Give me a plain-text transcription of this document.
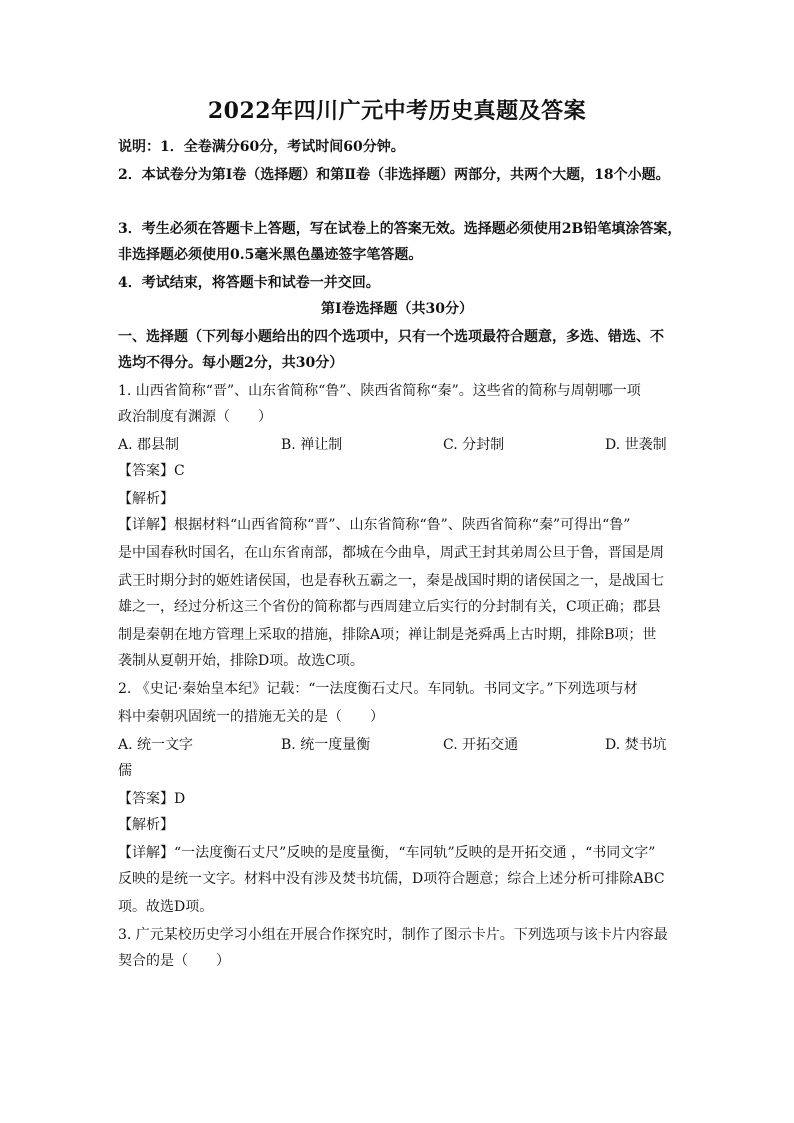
2022年四川广元中考历史真题及答案
说明：1．全卷满分60分，考试时间60分钟。
2．本试卷分为第Ⅰ卷（选择题）和第Ⅱ卷（非选择题）两部分，共两个大题，18个小题。
3．考生必须在答题卡上答题，写在试卷上的答案无效。选择题必须使用2B铅笔填涂答案，
非选择题必须使用0.5毫米黑色墨迹签字笔答题。
4．考试结束，将答题卡和试卷一并交回。
第Ⅰ卷选择题（共30分）
一、选择题（下列每小题给出的四个选项中，只有一个选项最符合题意，多选、错选、不
选均不得分。每小题2分，共30分）
1. 山西省简称“晋”、山东省简称“鲁”、陕西省简称“秦”。这些省的简称与周朝哪一项
政治制度有渊源（　　）
A. 郡县制	B. 禅让制	C. 分封制	D. 世袭制
【答案】C
【解析】
【详解】根据材料“山西省简称“晋”、山东省简称“鲁”、陕西省简称“秦”可得出“鲁”
是中国春秋时国名，在山东省南部，都城在今曲阜，周武王封其弟周公旦于鲁，晋国是周
武王时期分封的姬姓诸侯国，也是春秋五霸之一，秦是战国时期的诸侯国之一，是战国七
雄之一，经过分析这三个省份的简称都与西周建立后实行的分封制有关，C项正确；郡县
制是秦朝在地方管理上采取的措施，排除A项；禅让制是尧舜禹上古时期，排除B项；世
袭制从夏朝开始，排除D项。故选C项。
2. 《史记·秦始皇本纪》记载：“一法度衡石丈尺。车同轨。书同文字。”下列选项与材
料中秦朝巩固统一的措施无关的是（　　）
A. 统一文字	B. 统一度量衡	C. 开拓交通	D. 焚书坑
儒
【答案】D
【解析】
【详解】“一法度衡石丈尺”反映的是度量衡，“车同轨”反映的是开拓交通 ，“书同文字”
反映的是统一文字。材料中没有涉及焚书坑儒，D项符合题意；综合上述分析可排除ABC
项。故选D项。
3. 广元某校历史学习小组在开展合作探究时，制作了图示卡片。下列选项与该卡片内容最
契合的是（　　）
